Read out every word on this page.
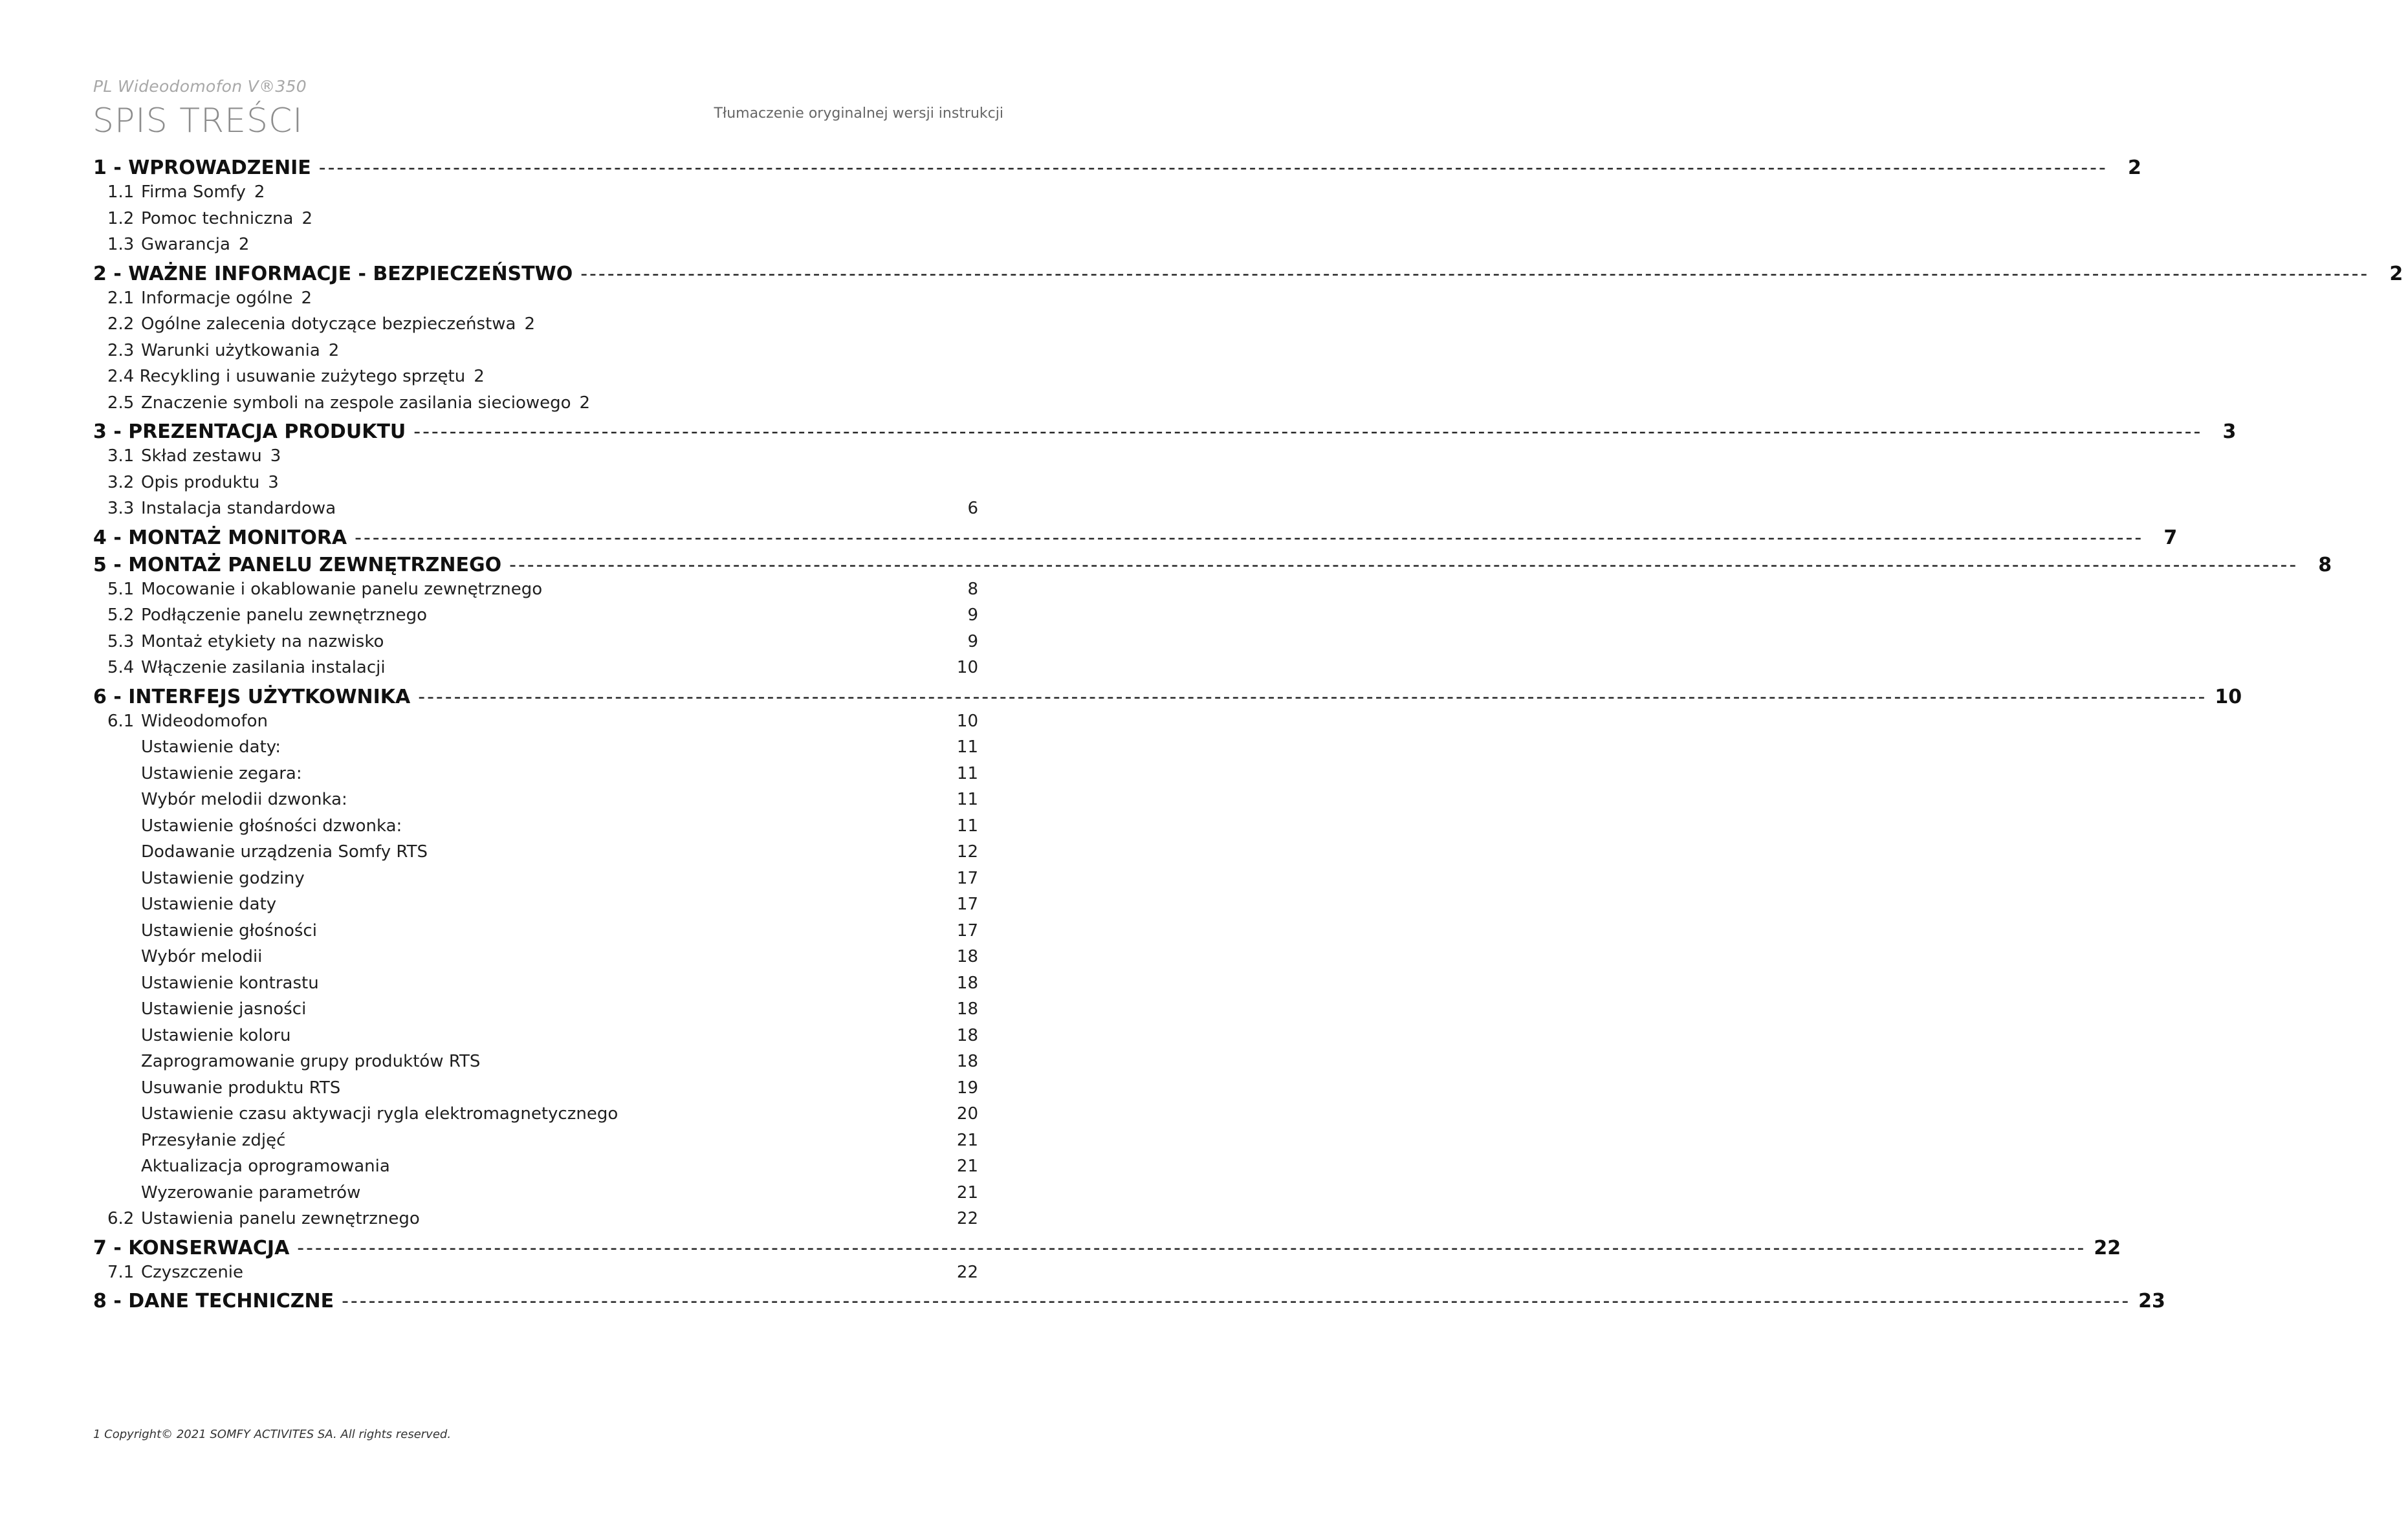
PL Wideodomofon V®350
SPIS TREŚCI	Tłumaczenie oryginalnej wersji instrukcji
1 - WPROWADZENIE --------------------------------------------------------------------------------------------------------------------------------------------------------------------------------------------------------	2
1.1 Firma Somfy 2
1.2 Pomoc techniczna 2
1.3 Gwarancja 2
2 - WAŻNE INFORMACJE - BEZPIECZEŃSTWO --------------------------------------------------------------------------------------------------------------------------------------------------------------------------------------------------------	2
2.1 Informacje ogólne 2
2.2 Ogólne zalecenia dotyczące bezpieczeństwa 2
2.3 Warunki użytkowania 2
2.4 Recykling i usuwanie zużytego sprzętu 2
2.5 Znaczenie symboli na zespole zasilania sieciowego 2
3 - PREZENTACJA PRODUKTU --------------------------------------------------------------------------------------------------------------------------------------------------------------------------------------------------------	3
3.1 Skład zestawu 3
3.2 Opis produktu 3
3.3 Instalacja standardowa	6
4 - MONTAŻ MONITORA --------------------------------------------------------------------------------------------------------------------------------------------------------------------------------------------------------	7
5 - MONTAŻ PANELU ZEWNĘTRZNEGO --------------------------------------------------------------------------------------------------------------------------------------------------------------------------------------------------------	8
5.1 Mocowanie i okablowanie panelu zewnętrznego	8
5.2 Podłączenie panelu zewnętrznego	9
5.3 Montaż etykiety na nazwisko	9
5.4 Włączenie zasilania instalacji	10
6 - INTERFEJS UŻYTKOWNIKA -------------------------------------------------------------------------------------------------------------------------------------------------------------------------------------------------------- 10
6.1 Wideodomofon	10
Ustawienie daty:	11
Ustawienie zegara:	11
Wybór melodii dzwonka:	11
Ustawienie głośności dzwonka:	11
Dodawanie urządzenia Somfy RTS	12
Ustawienie godziny	17
Ustawienie daty	17
Ustawienie głośności	17
Wybór melodii	18
Ustawienie kontrastu	18
Ustawienie jasności	18
Ustawienie koloru	18
Zaprogramowanie grupy produktów RTS	18
Usuwanie produktu RTS	19
Ustawienie czasu aktywacji rygla elektromagnetycznego	20
Przesyłanie zdjęć	21
Aktualizacja oprogramowania	21
Wyzerowanie parametrów	21
6.2 Ustawienia panelu zewnętrznego	22
7 - KONSERWACJA -------------------------------------------------------------------------------------------------------------------------------------------------------------------------------------------------------- 22
7.1 Czyszczenie	22
8 - DANE TECHNICZNE -------------------------------------------------------------------------------------------------------------------------------------------------------------------------------------------------------- 23
1 Copyright© 2021 SOMFY ACTIVITES SA. All rights reserved.
